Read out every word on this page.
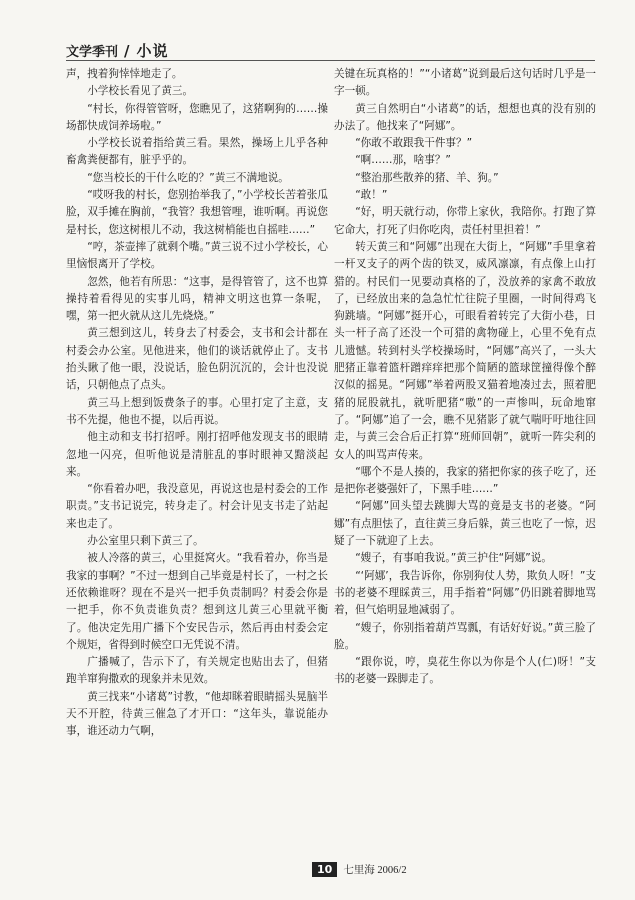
文学季刊 / 小说

声，拽着狗悻悻地走了。

小学校长看见了黄三。

“村长，你得管管呀，您瞧见了，这猪啊狗的……操场都快成饲养场啦。”

小学校长说着指给黄三看。果然，操场上儿乎各种畜禽粪便都有，脏乎乎的。

“您当校长的干什么吃的？”黄三不满地说。

“哎呀我的村长，您别抬举我了，”小学校长苦着张瓜脸，双手摊在胸前，“我管？我想管哩，谁听啊。再说您是村长，您这树根儿不动，我这树梢能也自摇哇……”

“哼，茶壶摔了就剩个嘴。”黄三说不过小学校长，心里恼恨离开了学校。

忽然，他若有所思：“这事，是得管管了，这不也算操持着看得见的实事儿吗，精神文明这也算一条呢，嘿，第一把火就从这儿先烧烧。”

黄三想到这儿，转身去了村委会，支书和会计都在村委会办公室。见他进来，他们的谈话就停止了。支书抬头瞅了他一眼，没说话，脸色阴沉沉的，会计也没说话，只朝他点了点头。

黄三马上想到饭费条子的事。心里打定了主意，支书不先提，他也不提，以后再说。

他主动和支书打招呼。刚打招呼他发现支书的眼睛忽地一闪亮，但听他说是清脏乱的事时眼神又黯淡起来。

“你看着办吧，我没意见，再说这也是村委会的工作职责。”支书记说完，转身走了。村会计见支书走了站起来也走了。

办公室里只剩下黄三了。

被人冷落的黄三，心里挺窝火。“我看着办，你当是我家的事啊？”不过一想到自己毕竟是村长了，一村之长还依赖谁呀？现在不是兴一把手负责制吗？村委会你是一把手，你不负责谁负责？想到这儿黄三心里就平衡了。他决定先用广播下个安民告示，然后再由村委会定个规矩，省得到时候空口无凭说不清。

广播喊了，告示下了，有关规定也贴出去了，但猪跑羊窜狗撒欢的现象并未见效。

黄三找来“小诸葛”讨教，“他却眯着眼睛摇头晃脑半天不开腔，待黄三催急了才开口：“这年头，靠说能办事，谁还动力气啊，

关键在玩真格的！”“小诸葛”说到最后这句话时几乎是一字一顿。

黄三自然明白“小诸葛”的话，想想也真的没有别的办法了。他找来了“阿娜”。

“你敢不敢跟我干件事？”

“啊……那，啥事？”

“整治那些散养的猪、羊、狗。”

“敢！”

“好，明天就行动，你带上家伙，我陪你。打跑了算它命大，打死了归你吃肉，责任村里担着！”

转天黄三和“阿娜”出现在大街上，“阿娜”手里拿着一杆叉支子的两个齿的铁叉，威风凛凛，有点像上山打猎的。村民们一见要动真格的了，没放养的家禽不敢放了，已经放出来的急急忙忙往院子里圈，一时间得鸡飞狗跳墙。“阿娜”挺开心，可眼看着转完了大街小巷，日头一杆子高了还没一个可猎的禽物碰上，心里不免有点儿遗憾。转到村头学校操场时，“阿娜”高兴了，一头大肥猪正靠着篮杆蹭痒痒把那个简陋的篮球筐撞得像个醉汉似的摇晃。“阿娜”举着两股叉猫着地凑过去，照着肥猪的屁股就扎，就听肥猪“嗷”的一声惨叫，玩命地窜了。“阿娜”追了一会，瞧不见猪影了就气喘吁吁地往回走，与黄三会合后正打算“班师回朝”，就听一阵尖利的女人的叫骂声传来。

“哪个不是人揍的，我家的猪把你家的孩子吃了，还是把你老婆强奸了，下黑手哇……”

“阿娜”回头望去跳脚大骂的竟是支书的老婆。“阿娜”有点胆怯了，直往黄三身后躲，黄三也吃了一惊，迟疑了一下就迎了上去。

“嫂子，有事咱我说。”黄三护住“阿娜”说。

“‘阿娜’，我告诉你，你别狗仗人势，欺负人呀！”支书的老婆不理睬黄三，用手指着“阿娜”仍旧跳着脚地骂着，但气焰明显地减弱了。

“嫂子，你别指着葫芦骂瓢，有话好好说。”黄三脸了脸。

“跟你说，哼，臭花生你以为你是个人(仁)呀！”支书的老婆一跺脚走了。

10	七里海 2006/2
